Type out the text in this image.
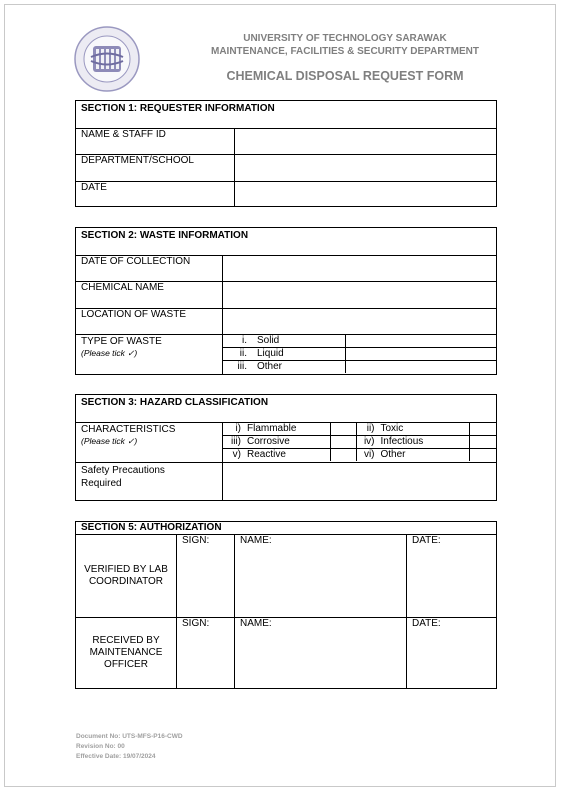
UNIVERSITY OF TECHNOLOGY SARAWAK
MAINTENANCE, FACILITIES & SECURITY DEPARTMENT
CHEMICAL DISPOSAL REQUEST FORM
SECTION 1: REQUESTER INFORMATION	
NAME & STAFF ID	
DEPARTMENT/SCHOOL	
DATE	
SECTION 2: WASTE INFORMATION
DATE OF COLLECTION	
CHEMICAL NAME	
LOCATION OF WASTE	
TYPE OF WASTE
(Please tick ✓)

i. Solid	
ii. Liquid	
iii. Other	
SECTION 3: HAZARD CLASSIFICATION
CHARACTERISTICS
(Please tick ✓)

i) Flammable		ii) Toxic	
iii) Corrosive		iv) Infectious	
v) Reactive		vi) Other	

Safety Precautions
Required	
SECTION 5: AUTHORIZATION			
VERIFIED BY LAB COORDINATOR	SIGN:	NAME:	DATE:
RECEIVED BY MAINTENANCE OFFICER	SIGN:	NAME:	DATE:
Document No: UTS-MFS-P16-CWD
Revision No: 00
Effective Date: 19/07/2024
